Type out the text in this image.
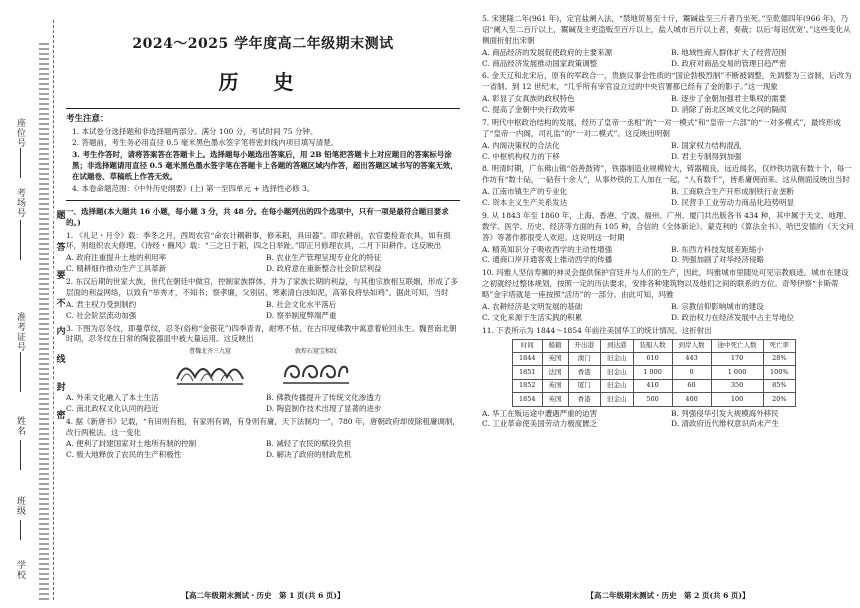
座位号
考场号
准考证号
姓名
班级
学校
题
答
要
不
内
线
封
密
2024～2025 学年度高二年级期末测试
历 史
考生注意：

1. 本试卷分选择题和非选择题两部分。满分 100 分，考试时间 75 分钟。

2. 答题前，考生务必用直径 0.5 毫米黑色墨水签字笔将密封线内项目填写清楚。

3. 考生作答时，请将答案答在答题卡上。选择题每小题选出答案后，用 2B 铅笔把答题卡上对应题目的答案标号涂黑；非选择题请用直径 0.5 毫米黑色墨水签字笔在答题卡上各题的答题区域内作答，超出答题区域书写的答案无效，在试题卷、草稿纸上作答无效。

4. 本卷命题范围：《中外历史纲要》(上) 第一至四单元 + 选择性必修 3。

一、选择题(本大题共 16 小题，每小题 3 分，共 48 分。在每小题列出的四个选项中，只有一项是最符合题目要求的。)

1. 《礼记・月令》载：季冬之月，西周农官“命农计耦耕事，修耒耜，具田器”。即农耕前，农官要检查农具，如有损坏，则组织农夫修理。《诗经・豳风》载：“三之日于耜，四之日举趾。”即正月修理农具，二月下田耕作。这反映出

A. 政府注重提升土地的利用率	B. 农业生产管理呈现专业化的特征
C. 精耕细作推动生产工具革新	D. 政府意在重新整合社会阶层利益

2. 东汉后期的世家大族，世代在朝廷中做官，控制家族群体，并为了家族长期的利益，与其他宗族相互联姻，形成了多层面的利益网络，以致有“举秀才，不知书；察孝廉，父别居。寒素清白浊如泥，高第良将怯如鸡”。据此可知，当时

A. 君主权力受到制约	B. 社会文化水平落后
C. 社会阶层流动加强	D. 察举制度弊端严重

3. 下图为忍冬纹，即蔓草纹，忍冬(俗称“金银花”)四季青青，耐寒不枯，在古印度佛教中寓意着轮回永生。魏晋南北朝时期，忍冬纹在日常的陶瓷器皿中被大量运用。这反映出

曹魏北齐三九窟	敦煌石窟宝相纹
A. 外来文化融入了本土生活	B. 佛教传播提升了传统文化渗透力
C. 南北政权文化认同的趋近	D. 陶瓷制作技术出现了显著的进步

4. 据《新唐书》记载，“有田则有租，有家则有调，有身则有庸，天下法制均一”，780 年，唐朝政府却废除租庸调制，改行两税法。这一变化

A. 便利了封建国家对土地所有制的控制	B. 减轻了农民的赋役负担
C. 极大地释放了农民的生产积极性	D. 解决了政府的财政危机
【高二年级期末测试・历史　第 1 页(共 6 页)】

5. 宋建隆二年(961 年)，定官盐阑入法，“禁地贸易至十斤，鬻碱盐至三斤者乃坐死。”至乾德四年(966 年)，乃诏“阑入至二百斤以上，鬻碱及主吏盗贩至百斤以上，盐人城市百斤以上者，奏裁；以后‘每诏优宽’。”这些变化从侧面折射出宋朝

A. 商品经济的发展促使政府的主要来源	B. 地域性商人群体扩大了经营范围
C. 商品经济发展推动国家政策调整	D. 政府对商品交易的管理日趋严密

6. 金天辽和北宋后，原有的军政合一，贵族议事会性质的“国论勃极烈制”不断被调整，先调整为三省制，后改为一省制。到 12 世纪末，“几乎所有宰官设立过的中央官署都已经有了金的影子。”这一现象

A. 彰显了女真族的政权特色	B. 逐步了金朝加强君主集权的需要
C. 提高了金朝中央行政效率	D. 消除了南北区域文化之间的隔阂

7. 明代中枢政治结构的发展，经历了皇帝一丞相”的“一对一模式”和“皇帝一六部”的“一对多模式”，最终形成了“皇帝一内阁，司礼监”的“一对二模式”。这反映出明朝

A. 内阁决策权的合法化	B. 国家权力结构混乱
C. 中枢机构权力的下移	D. 君主专制得到加强

8. 明清时期，广东佛山镇“俗善鼓铸”，铁器制造业规模较大，铸器精良，远近闻名，仅炒铁坊就有数十个，每一作坊有“数十砧，一砧有十余人”，从事炒铁的工人加在一起，“人有数千”，皆系庸佣而来。这从侧面反映出当时

A. 江南市镇生产的专业化	B. 工商联合生产开形成制铁行业垄断
C. 资本主义生产关系发达	D. 民营手工业劳动力商品化趋势明显

9. 从 1843 年至 1860 年，上海、香港、宁波、福州、广州、厦门共出版各书 434 种，其中属于天文、地理、数学、医学、历史、经济等方面的有 105 种，合信的《全体新论》、蒙克利的《算法全书》、哈巴安德的《天文问答》等著作都很受人欢迎。这说明这一时期

A. 精英知识分子吸收西学的主动性增强	B. 东西方科技发展差距缩小
C. 通商口岸开通客观上推动西学的传播	D. 列强加剧了对华经济侵略

10. 玛雅人坚信寿狮的神灵会提供保护宫廷并与人们的生产，因此，玛雅城市里随处可见宗教痕迹。城市在建设之初就经过整体规划，按照一定的历法要求，安排各种建筑物以及他们之间的联系的方位。奇琴伊察“卡斯蒂略”金字塔就是一座按照“活历”的一部分。由此可知，玛雅

A. 农耕经济是文明发展的基础	B. 宗教信仰影响城市的建设
C. 文化来源于生活实践的积累	D. 政治权力在经济发展中占主导地位

11. 下表所示为 1844～1854 年前往美国华工的统计情况。这折射出

时间	船籍	开出港	到达港	装船人数	到岸人数	途中死亡人数	死亡率
1844	英国	澳门	旧金山	610	443	170	28%
1851	法国	香港	旧金山	1 000	0	1 000	100%
1852	英国	厦门	旧金山	410	60	350	85%
1854	英国	香港	旧金山	500	400	100	20%
A. 华工在贩运途中遭遇严重的迫害	B. 列强侵华引发大规模海外移民
C. 工业革命使美国劳动力极度匮乏	D. 清政府近代维权意识尚未产生
【高二年级期末测试・历史　第 2 页(共 6 页)】
